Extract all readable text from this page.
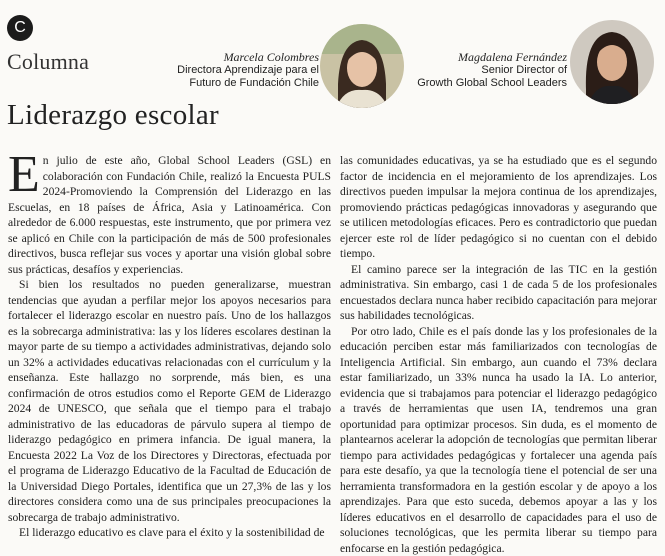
C
Columna	Marcela Colombres
Directora Aprendizaje para el
Futuro de Fundación Chile
Magdalena Fernández
Senior Director of
Growth Global School Leaders
Liderazgo escolar

En julio de este año, Global School Leaders (GSL) en colaboración con Fundación Chile, realizó la Encuesta PULS 2024-Promoviendo la Comprensión del Liderazgo en las Escuelas, en 18 países de África, Asia y Latinoamérica. Con alrededor de 6.000 respuestas, este instrumento, que por primera vez se aplicó en Chile con la participación de más de 500 profesionales directivos, busca reflejar sus voces y aportar una visión global sobre sus prácticas, desafíos y experiencias.

Si bien los resultados no pueden generalizarse, muestran tendencias que ayudan a perfilar mejor los apoyos necesarios para fortalecer el liderazgo escolar en nuestro país. Uno de los hallazgos es la sobrecarga administrativa: las y los líderes escolares destinan la mayor parte de su tiempo a actividades administrativas, dejando solo un 32% a actividades educativas relacionadas con el currículum y la enseñanza. Este hallazgo no sorprende, más bien, es una confirmación de otros estudios como el Reporte GEM de Liderazgo 2024 de UNESCO, que señala que el tiempo para el trabajo administrativo de las educadoras de párvulo supera al tiempo de liderazgo pedagógico en primera infancia. De igual manera, la Encuesta 2022 La Voz de los Directores y Directoras, efectuada por el programa de Liderazgo Educativo de la Facultad de Educación de la Universidad Diego Portales, identifica que un 27,3% de las y los directores considera como una de sus principales preocupaciones la sobrecarga de trabajo administrativo.

El liderazgo educativo es clave para el éxito y la sostenibilidad de

las comunidades educativas, ya se ha estudiado que es el segundo factor de incidencia en el mejoramiento de los aprendizajes. Los directivos pueden impulsar la mejora continua de los aprendizajes, promoviendo prácticas pedagógicas innovadoras y asegurando que se utilicen metodologías eficaces. Pero es contradictorio que puedan ejercer este rol de líder pedagógico si no cuentan con el debido tiempo.

El camino parece ser la integración de las TIC en la gestión administrativa. Sin embargo, casi 1 de cada 5 de los profesionales encuestados declara nunca haber recibido capacitación para mejorar sus habilidades tecnológicas.

Por otro lado, Chile es el país donde las y los profesionales de la educación perciben estar más familiarizados con tecnologías de Inteligencia Artificial. Sin embargo, aun cuando el 73% declara estar familiarizado, un 33% nunca ha usado la IA. Lo anterior, evidencia que si trabajamos para potenciar el liderazgo pedagógico a través de herramientas que usen IA, tendremos una gran oportunidad para optimizar procesos. Sin duda, es el momento de plantearnos acelerar la adopción de tecnologías que permitan liberar tiempo para actividades pedagógicas y fortalecer una agenda país para este desafío, ya que la tecnología tiene el potencial de ser una herramienta transformadora en la gestión escolar y de apoyo a los aprendizajes. Para que esto suceda, debemos apoyar a las y los líderes educativos en el desarrollo de capacidades para el uso de soluciones tecnológicas, que les permita liberar su tiempo para enfocarse en la gestión pedagógica.
